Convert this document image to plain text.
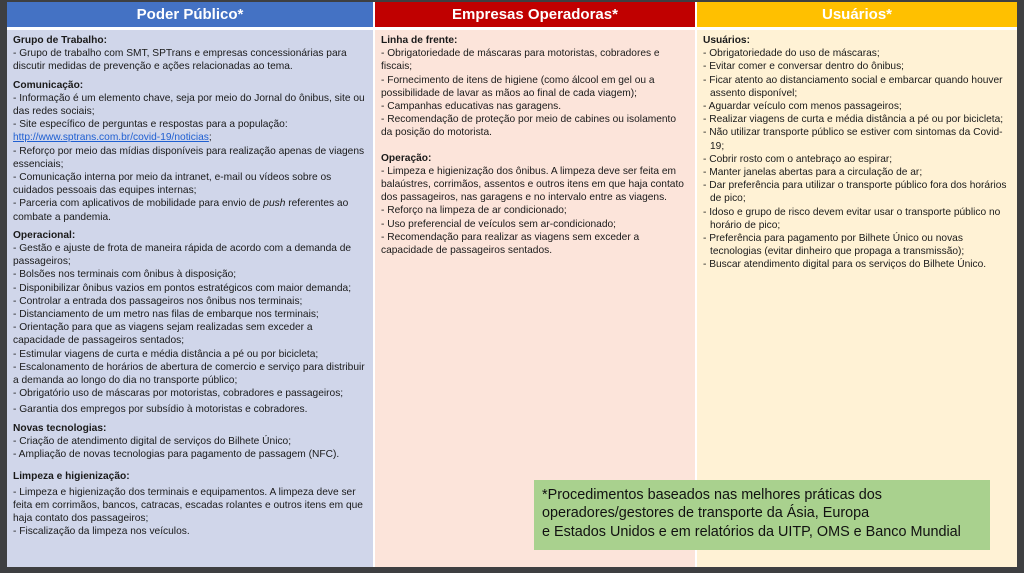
Poder Público*
Grupo de Trabalho:
- Grupo de trabalho com SMT, SPTrans e empresas concessionárias para discutir medidas de prevenção e ações relacionadas ao tema.
Comunicação:
- Informação é um elemento chave, seja por meio do Jornal do ônibus, site ou das redes sociais;
- Site específico de perguntas e respostas para a população:
http://www.sptrans.com.br/covid-19/noticias;
- Reforço por meio das mídias disponíveis para realização apenas de viagens essenciais;
- Comunicação interna por meio da intranet, e-mail ou vídeos sobre os cuidados pessoais das equipes internas;
- Parceria com aplicativos de mobilidade para envio de push referentes ao combate a pandemia.
Operacional:
- Gestão e ajuste de frota de maneira rápida de acordo com a demanda de passageiros;
- Bolsões nos terminais com ônibus à disposição;
- Disponibilizar ônibus vazios em pontos estratégicos com maior demanda;
- Controlar a entrada dos passageiros nos ônibus nos terminais;
- Distanciamento de um metro nas filas de embarque nos terminais;
- Orientação para que as viagens sejam realizadas sem exceder a capacidade de passageiros sentados;
- Estimular viagens de curta e média distância a pé ou por bicicleta;
- Escalonamento de horários de abertura de comercio e serviço para distribuir a demanda ao longo do dia no transporte público;
- Obrigatório uso de máscaras por motoristas, cobradores e passageiros;
- Garantia dos empregos por subsídio à motoristas e cobradores.
Novas tecnologias:
- Criação de atendimento digital de serviços do Bilhete Único;
- Ampliação de novas tecnologias para pagamento de passagem (NFC).
Limpeza e higienização:
- Limpeza e higienização dos terminais e equipamentos. A limpeza deve ser feita em corrimãos, bancos, catracas, escadas rolantes e outros itens em que haja contato dos passageiros;
- Fiscalização da limpeza nos veículos.
Empresas Operadoras*
Linha de frente:
- Obrigatoriedade de máscaras para motoristas, cobradores e fiscais;
- Fornecimento de itens de higiene (como álcool em gel ou a possibilidade de lavar as mãos ao final de cada viagem);
- Campanhas educativas nas garagens.
- Recomendação de proteção por meio de cabines ou isolamento da posição do motorista.
Operação:
- Limpeza e higienização dos ônibus. A limpeza deve ser feita em balaústres, corrimãos, assentos e outros itens em que haja contato dos passageiros, nas garagens e no intervalo entre as viagens.
- Reforço na limpeza de ar condicionado;
- Uso preferencial de veículos sem ar-condicionado;
- Recomendação para realizar as viagens sem exceder a capacidade de passageiros sentados.
Usuários*
Usuários:
- Obrigatoriedade do uso de máscaras;
- Evitar comer e conversar dentro do ônibus;
- Ficar atento ao distanciamento social e embarcar quando houver assento disponível;
- Aguardar veículo com menos passageiros;
- Realizar viagens de curta e média distância a pé ou por bicicleta;
- Não utilizar transporte público se estiver com sintomas da Covid-19;
- Cobrir rosto com o antebraço ao espirar;
- Manter janelas abertas para a circulação de ar;
- Dar preferência para utilizar o transporte público fora dos horários de pico;
- Idoso e grupo de risco devem evitar usar o transporte público no horário de pico;
- Preferência para pagamento por Bilhete Único ou novas tecnologias (evitar dinheiro que propaga a transmissão);
- Buscar atendimento digital para os serviços do Bilhete Único.
*Procedimentos baseados nas melhores práticas dos
operadores/gestores de transporte da Ásia, Europa
e Estados Unidos e em relatórios da UITP, OMS e Banco Mundial
